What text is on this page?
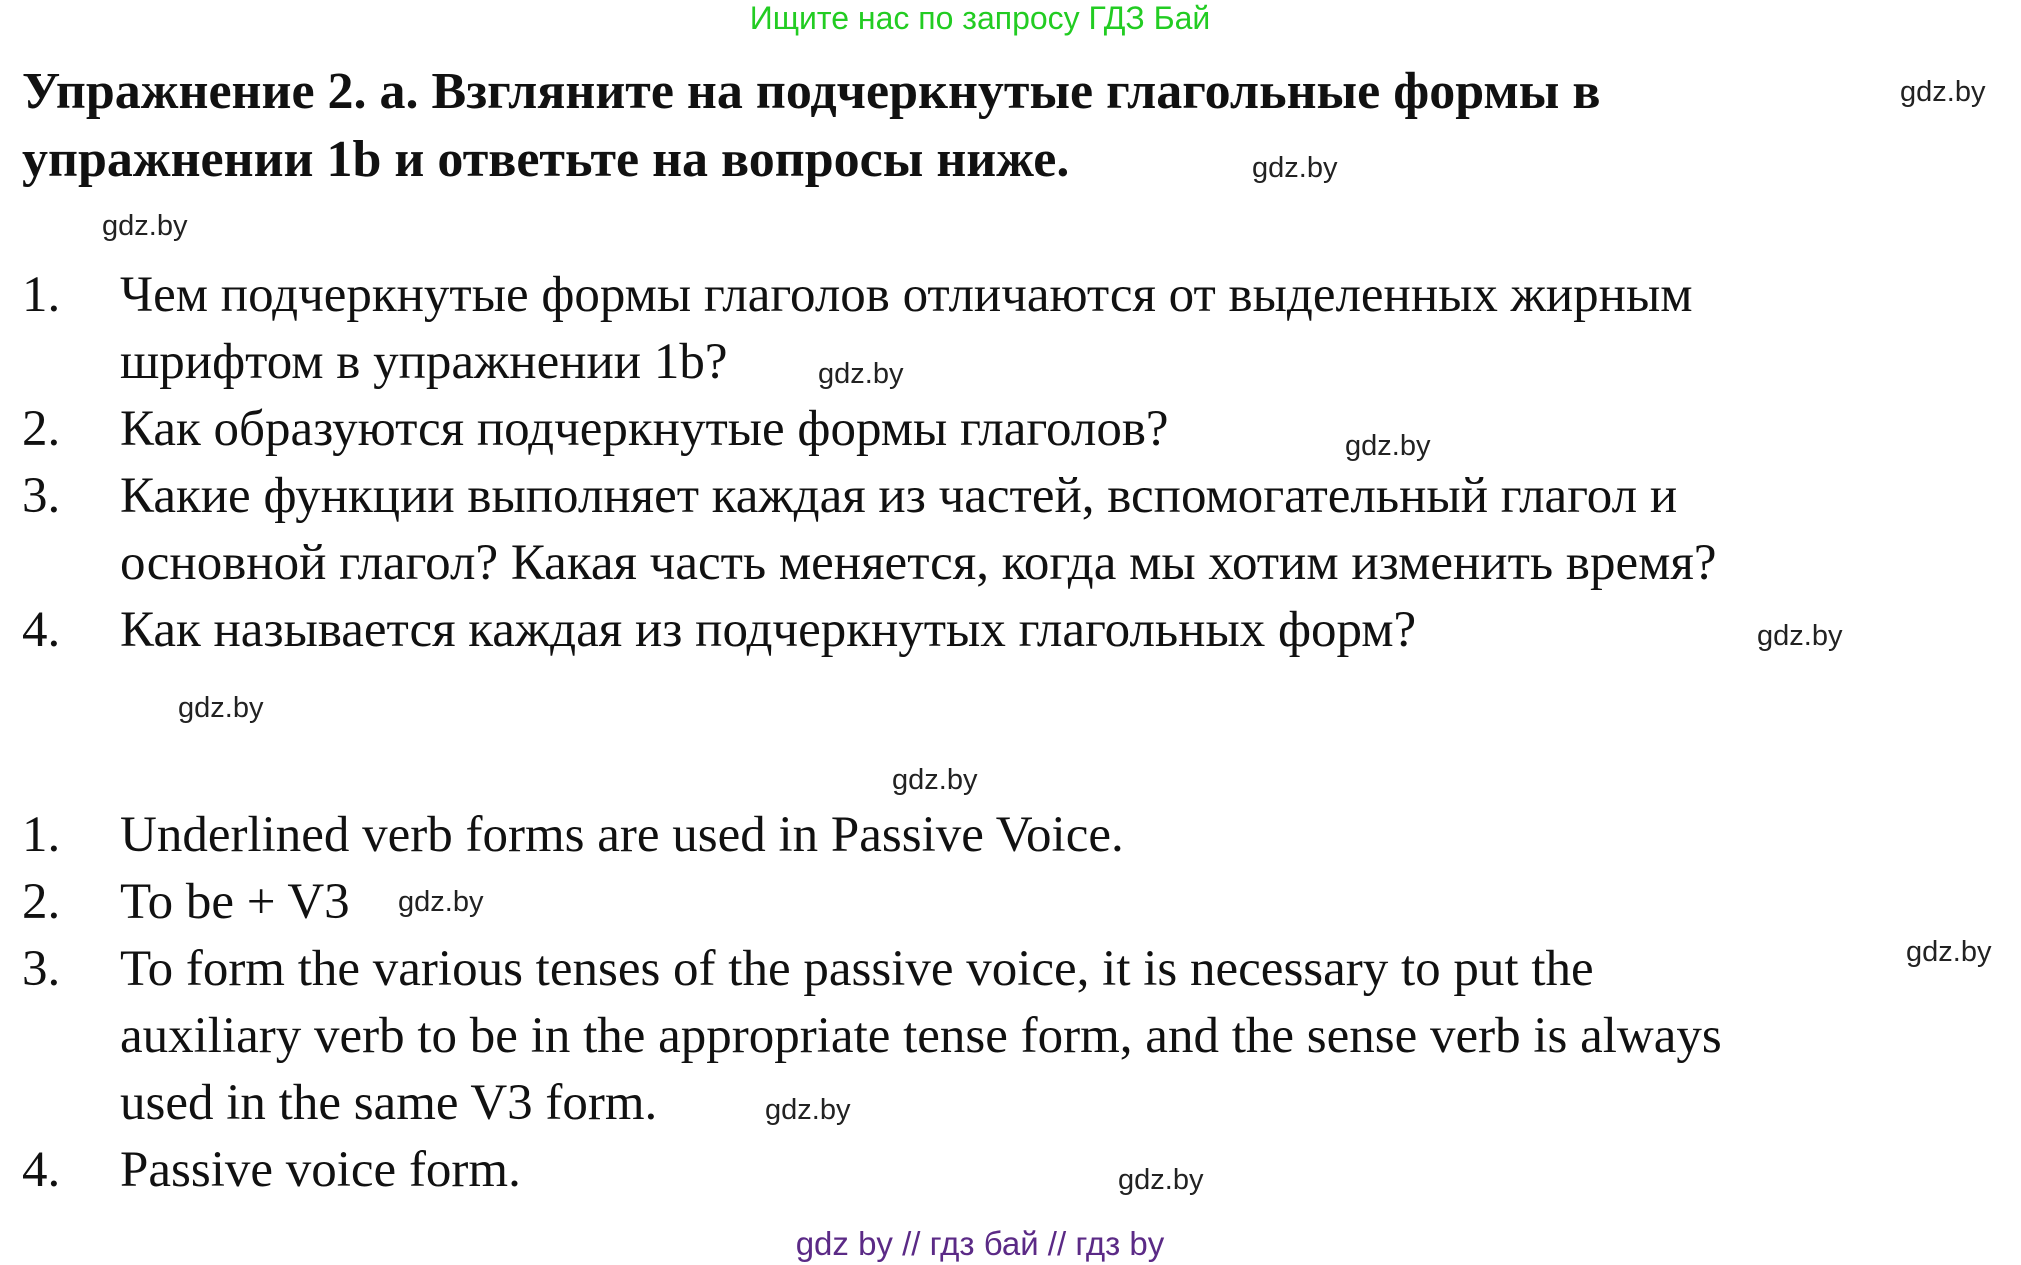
Ищите нас по запросу ГДЗ Бай
Упражнение 2. а. Взгляните на подчеркнутые глагольные формы в
упражнении 1b и ответьте на вопросы ниже.
1. Чем подчеркнутые формы глаголов отличаются от выделенных жирным
шрифтом в упражнении 1b?
2. Как образуются подчеркнутые формы глаголов?
3. Какие функции выполняет каждая из частей, вспомогательный глагол и
основной глагол? Какая часть меняется, когда мы хотим изменить время?
4. Как называется каждая из подчеркнутых глагольных форм?
1. Underlined verb forms are used in Passive Voice.
2. To be + V3
3. To form the various tenses of the passive voice, it is necessary to put the
auxiliary verb to be in the appropriate tense form, and the sense verb is always
used in the same V3 form.
4. Passive voice form.
gdz.by
gdz.by
gdz.by
gdz.by
gdz.by
gdz.by
gdz.by
gdz.by
gdz.by
gdz.by
gdz.by
gdz.by
gdz by // гдз бай // гдз by
